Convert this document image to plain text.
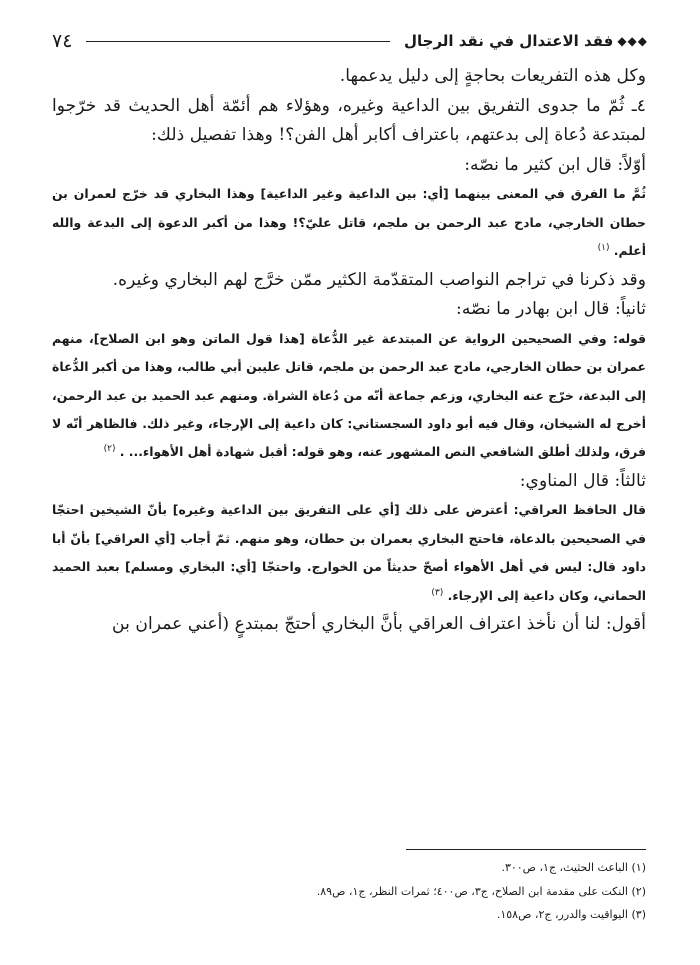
◆◆◆
فقد الاعتدال في نقد الرجال
٧٤

وكل هذه التفريعات بحاجةٍ إلى دليل يدعمها.

٤ـ ثُمّ ما جدوى التفريق بين الداعية وغيره، وهؤلاء هم أئمّة أهل الحديث قد خرّجوا لمبتدعة دُعاة إلى بدعتهم، باعتراف أكابر أهل الفن؟! وهذا تفصيل ذلك:

أوّلاً: قال ابن كثير ما نصّه:

ثُمَّ ما الفرق في المعنى بينهما [أي: بين الداعية وغير الداعية] وهذا البخاري قد خرّج لعمران بن حطان الخارجي، مادح عبد الرحمن بن ملجم، قاتل عليّ؟! وهذا من أكبر الدعوة إلى البدعة والله أعلم. $^{(١)}$

وقد ذكرنا في تراجم النواصب المتقدّمة الكثير ممّن خرَّج لهم البخاري وغيره.

ثانياً: قال ابن بهادر ما نصّه:

قوله: وفي الصحيحين الرواية عن المبتدعة غير الدُّعاة [هذا قول الماتن وهو ابن الصلاح]، منهم عمران بن حطان الخارجي، مادح عبد الرحمن بن ملجم، قاتل عليبن أبي طالب، وهذا من أكبر الدُّعاة إلى البدعة، خرّج عنه البخاري، وزعم جماعة أنّه من دُعاة الشراة. ومنهم عبد الحميد بن عبد الرحمن، أخرج له الشيخان، وقال فيه أبو داود السجستاني: كان داعية إلى الإرجاء، وغير ذلك. فالظاهر أنّه لا فرق، ولذلك أطلق الشافعي النص المشهور عنه، وهو قوله: أقبل شهادة أهل الأهواء... . $^{(٢)}$

ثالثاً: قال المناوي:

قال الحافظ العراقي: أعترض على ذلك [أي على التفريق بين الداعية وغيره] بأنّ الشيخين احتجّا في الصحيحين بالدعاة، فاحتج البخاري بعمران بن حطان، وهو منهم. ثمّ أجاب [أي العراقي] بأنّ أبا داود قال: ليس في أهل الأهواء أصحّ حديثاً من الخوارج. واحتجّا [أي: البخاري ومسلم] بعبد الحميد الحماني، وكان داعية إلى الإرجاء. $^{(٣)}$

أقول: لنا أن نأخذ اعتراف العراقي بأنَّ البخاري أحتجّ بمبتدعٍ (أعني عمران بن

(١) الباعث الحثيث، ج١، ص٣٠٠.

(٢) النكت على مقدمة ابن الصلاح، ج٣، ص٤٠٠؛ ثمرات النظر، ج١، ص٨٩.

(٣) اليواقيت والدرر، ج٢، ص١٥٨.
